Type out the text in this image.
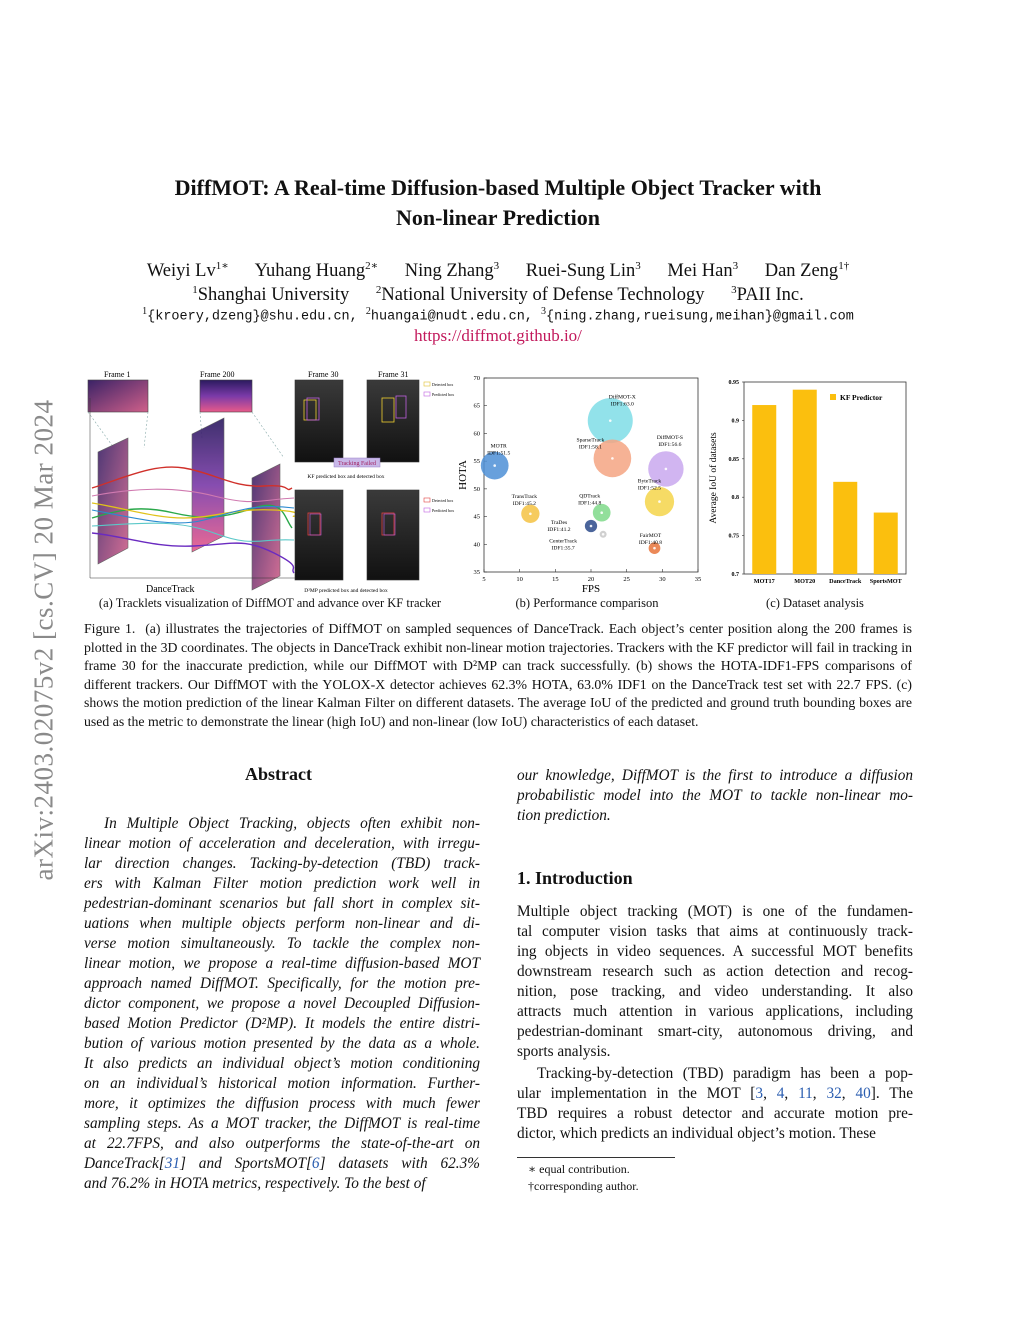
arXiv:2403.02075v2 [cs.CV] 20 Mar 2024
DiffMOT: A Real-time Diffusion-based Multiple Object Tracker with
Non-linear Prediction
Weiyi $Lv^{1∗}$ Yuhang Huang$^{2∗}$ Ning Zhang$^3$ Ruei-Sung Lin$^3$ Mei Han$^3$ Dan Zeng$^{1\dagger}$
$^1$Shanghai University $^2$National University of Defense Technology $^3$PAII Inc.
$^1${kroery,dzeng}@shu.edu.cn, $^2$huangai@nudt.edu.cn, $^3${ning.zhang,rueisung,meihan}@gmail.com
https://diffmot.github.io/
Frame 1	Frame 200	Frame 30	Frame 31
DanceTrack
Tracking Failed
KF predicted box and detected box
Detected box
Predicted box
D²MP predicted box and detected box
Detected box
Predicted box
(a) Tracklets visualization of DiffMOT and advance over KF tracker
5	10	15	20	25	30	35
35
40
45
50
55
60
65
70
FPS
HOTA
DiffMOT-X
IDF1:63.0
SparseTrack
IDF1:58.1
DiffMOT-S
IDF1:56.6
ByteTrack
IDF1:52.5
MOTR
IDF1:51.5
TransTrack
IDF1:45.2
QDTrack
IDF1:44.8
TraDes
IDF1:41.2
FairMOT
IDF1:40.8
CenterTrack
IDF1:35.7
(b) Performance comparison
0.7
0.75
0.8
0.85
0.9
0.95
Average IoU of datasets
MOT17	MOT20 DanceTrack SportsMOT
KF Predictor
(c) Dataset analysis
Figure 1. (a) illustrates the trajectories of DiffMOT on sampled sequences of DanceTrack. Each object’s center position along the 200 frames is plotted in the 3D coordinates. The objects in DanceTrack exhibit non-linear motion trajectories. Trackers with the KF predictor will fail in tracking in frame 30 for the inaccurate prediction, while our DiffMOT with D²MP can track successfully. (b) shows the HOTA-IDF1-FPS comparisons of different trackers. Our DiffMOT with the YOLOX-X detector achieves 62.3% HOTA, 63.0% IDF1 on the DanceTrack test set with 22.7 FPS. (c) shows the motion prediction of the linear Kalman Filter on different datasets. The average IoU of the predicted and ground truth bounding boxes are used as the metric to demonstrate the linear (high IoU) and non-linear (low IoU) characteristics of each dataset.
Abstract
In Multiple Object Tracking, objects often exhibit non-
linear motion of acceleration and deceleration, with irregu-
lar direction changes. Tacking-by-detection (TBD) track-
ers with Kalman Filter motion prediction work well in
pedestrian-dominant scenarios but fall short in complex sit-
uations when multiple objects perform non-linear and di-
verse motion simultaneously. To tackle the complex non-
linear motion, we propose a real-time diffusion-based MOT
approach named DiffMOT. Specifically, for the motion pre-
dictor component, we propose a novel Decoupled Diffusion-
based Motion Predictor (D²MP). It models the entire distri-
bution of various motion presented by the data as a whole.
It also predicts an individual object’s motion conditioning
on an individual’s historical motion information. Further-
more, it optimizes the diffusion process with much fewer
sampling steps. As a MOT tracker, the DiffMOT is real-time
at 22.7FPS, and also outperforms the state-of-the-art on
DanceTrack[31] and SportsMOT[6] datasets with 62.3%
and 76.2% in HOTA metrics, respectively. To the best of
our knowledge, DiffMOT is the first to introduce a diffusion
probabilistic model into the MOT to tackle non-linear mo-
tion prediction.
1. Introduction
Multiple object tracking (MOT) is one of the fundamen-
tal computer vision tasks that aims at continuously track-
ing objects in video sequences. A successful MOT benefits
downstream research such as action detection and recog-
nition, pose tracking, and video understanding. It also
attracts much attention in various applications, including
pedestrian-dominant smart-city, autonomous driving, and
sports analysis.
Tracking-by-detection (TBD) paradigm has been a pop-
ular implementation in the MOT [3, 4, 11, 32, 40]. The
TBD requires a robust detector and accurate motion pre-
dictor, which predicts an individual object’s motion. These
∗ equal contribution.
†corresponding author.
